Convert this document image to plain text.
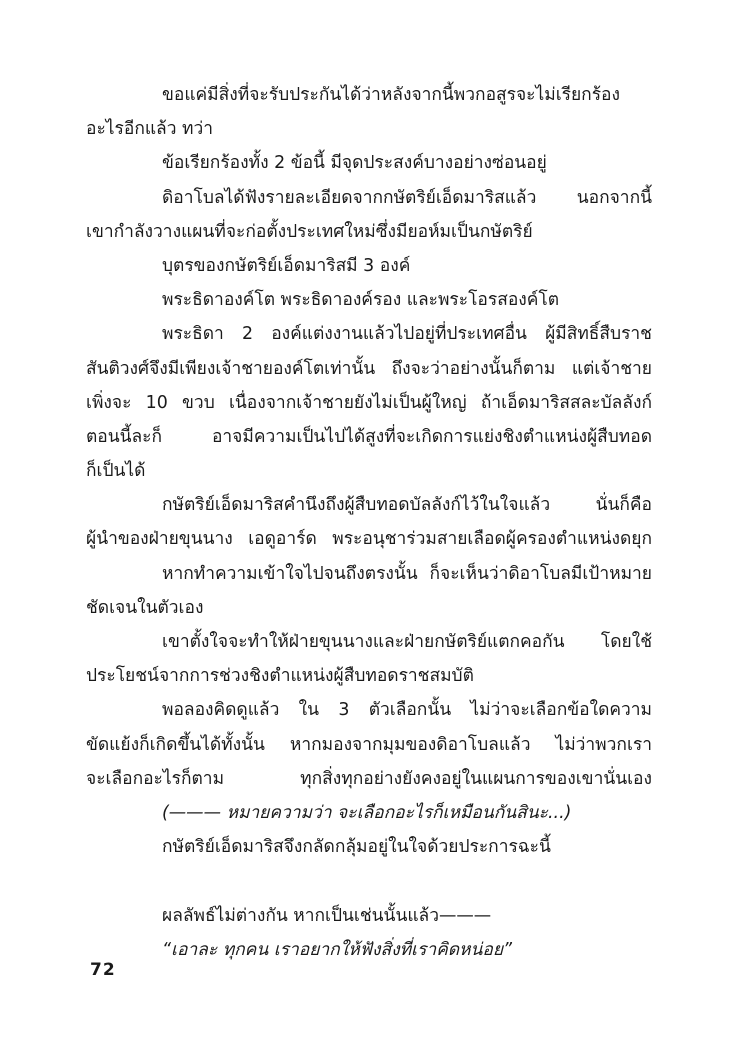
ขอแค่มีสิ่งที่จะรับประกันได้ว่าหลังจากนี้พวกอสูรจะไม่เรียกร้อง
อะไรอีกแล้ว ทว่า
ข้อเรียกร้องทั้ง 2 ข้อนี้ มีจุดประสงค์บางอย่างซ่อนอยู่
ดิอาโบลได้ฟังรายละเอียดจากกษัตริย์เอ็ดมาริสแล้ว นอกจากนี้
เขากำลังวางแผนที่จะก่อตั้งประเทศใหม่ซึ่งมียอห์มเป็นกษัตริย์
บุตรของกษัตริย์เอ็ดมาริสมี 3 องค์
พระธิดาองค์โต พระธิดาองค์รอง และพระโอรสองค์โต
พระธิดา 2 องค์แต่งงานแล้วไปอยู่ที่ประเทศอื่น ผู้มีสิทธิ์สืบราช
สันติวงศ์จึงมีเพียงเจ้าชายองค์โตเท่านั้น ถึงจะว่าอย่างนั้นก็ตาม แต่เจ้าชาย
เพิ่งจะ 10 ขวบ เนื่องจากเจ้าชายยังไม่เป็นผู้ใหญ่ ถ้าเอ็ดมาริสสละบัลลังก์
ตอนนี้ละก็ อาจมีความเป็นไปได้สูงที่จะเกิดการแย่งชิงตำแหน่งผู้สืบทอด
ก็เป็นได้
กษัตริย์เอ็ดมาริสคำนึงถึงผู้สืบทอดบัลลังก์ไว้ในใจแล้ว นั่นก็คือ
ผู้นำของฝ่ายขุนนาง เอดูอาร์ด พระอนุชาร่วมสายเลือดผู้ครองตำแหน่งดยุก
หากทำความเข้าใจไปจนถึงตรงนั้น ก็จะเห็นว่าดิอาโบลมีเป้าหมาย
ชัดเจนในตัวเอง
เขาตั้งใจจะทำให้ฝ่ายขุนนางและฝ่ายกษัตริย์แตกคอกัน โดยใช้
ประโยชน์จากการช่วงชิงตำแหน่งผู้สืบทอดราชสมบัติ
พอลองคิดดูแล้ว ใน 3 ตัวเลือกนั้น ไม่ว่าจะเลือกข้อใดความ
ขัดแย้งก็เกิดขึ้นได้ทั้งนั้น หากมองจากมุมของดิอาโบลแล้ว ไม่ว่าพวกเรา
จะเลือกอะไรก็ตาม ทุกสิ่งทุกอย่างยังคงอยู่ในแผนการของเขานั่นเอง
(——— หมายความว่า จะเลือกอะไรก็เหมือนกันสินะ...)
กษัตริย์เอ็ดมาริสจึงกลัดกลุ้มอยู่ในใจด้วยประการฉะนี้
ผลลัพธ์ไม่ต่างกัน หากเป็นเช่นนั้นแล้ว———
“เอาละ ทุกคน เราอยากให้ฟังสิ่งที่เราคิดหน่อย”
72
